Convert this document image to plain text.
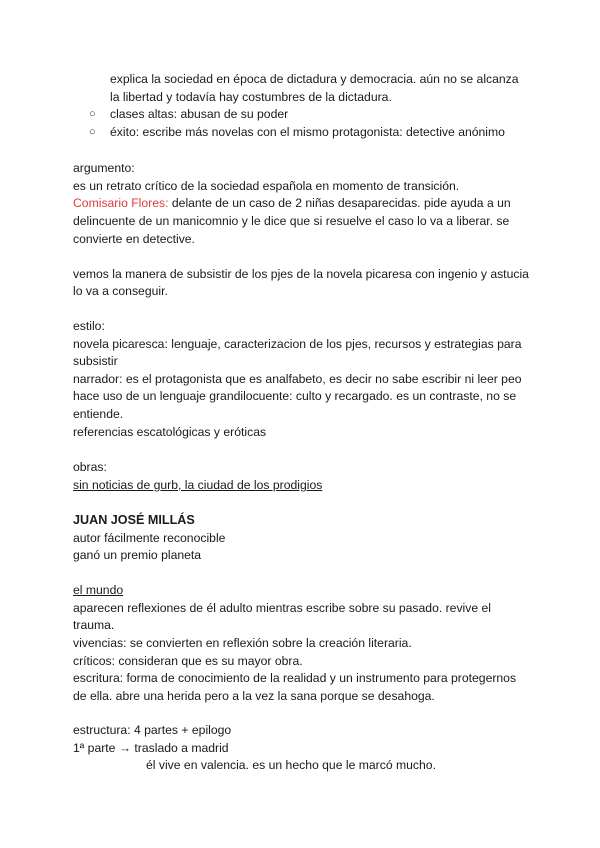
explica la sociedad en época de dictadura y democracia. aún no se alcanza
la libertad y todavía hay costumbres de la dictadura.
○ clases altas: abusan de su poder
○ éxito: escribe más novelas con el mismo protagonista: detective anónimo
argumento:
es un retrato crítico de la sociedad española en momento de transición.
Comisario Flores: delante de un caso de 2 niñas desaparecidas. pide ayuda a un
delincuente de un manicomnio y le dice que si resuelve el caso lo va a liberar. se
convierte en detective.
vemos la manera de subsistir de los pjes de la novela picaresa con ingenio y astucia
lo va a conseguir.
estilo:
novela picaresca: lenguaje, caracterizacion de los pjes, recursos y estrategias para
subsistir
narrador: es el protagonista que es analfabeto, es decir no sabe escribir ni leer peo
hace uso de un lenguaje grandilocuente: culto y recargado. es un contraste, no se
entiende.
referencias escatológicas y eróticas
obras:
sin noticias de gurb, la ciudad de los prodigios
JUAN JOSÉ MILLÁS
autor fácilmente reconocible
ganó un premio planeta
el mundo
aparecen reflexiones de él adulto mientras escribe sobre su pasado. revive el
trauma.
vivencias: se convierten en reflexión sobre la creación literaria.
críticos: consideran que es su mayor obra.
escritura: forma de conocimiento de la realidad y un instrumento para protegernos
de ella. abre una herida pero a la vez la sana porque se desahoga.
estructura: 4 partes + epilogo
1ª parte → traslado a madrid
él vive en valencia. es un hecho que le marcó mucho.
